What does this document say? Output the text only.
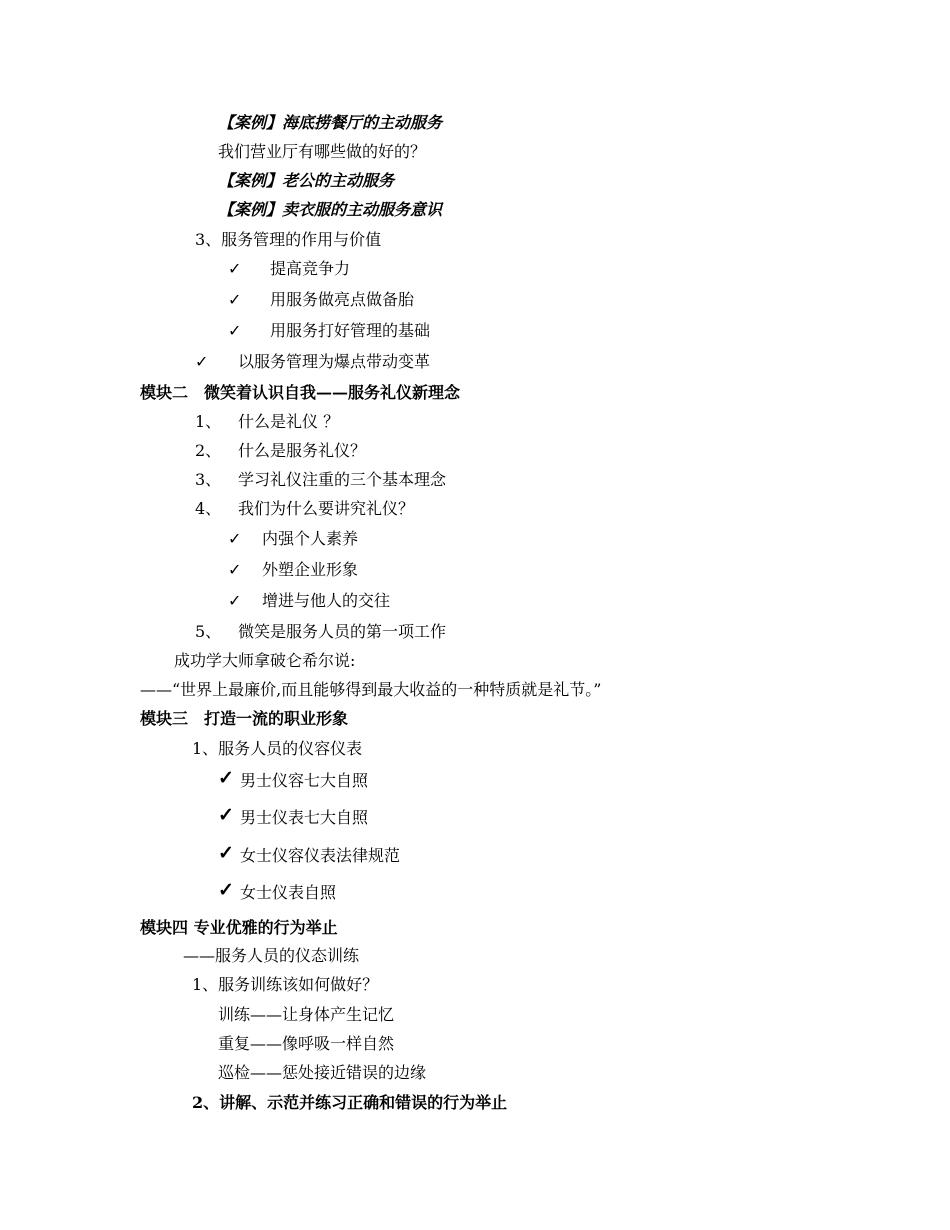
【案例】海底捞餐厅的主动服务
我们营业厅有哪些做的好的？
【案例】老公的主动服务
【案例】卖衣服的主动服务意识
3、服务管理的作用与价值
✓ 提高竞争力
✓ 用服务做亮点做备胎
✓ 用服务打好管理的基础
✓ 以服务管理为爆点带动变革
模块二　微笑着认识自我——服务礼仪新理念
1、 什么是礼仪 ？
2、 什么是服务礼仪？
3、 学习礼仪注重的三个基本理念
4、 我们为什么要讲究礼仪？
✓ 内强个人素养
✓ 外塑企业形象
✓ 增进与他人的交往
5、 微笑是服务人员的第一项工作
成功学大师拿破仑希尔说:
——“世界上最廉价,而且能够得到最大收益的一种特质就是礼节。”
模块三　打造一流的职业形象
1、服务人员的仪容仪表
✓ 男士仪容七大自照
✓ 男士仪表七大自照
✓ 女士仪容仪表法律规范
✓ 女士仪表自照
模块四 专业优雅的行为举止
——服务人员的仪态训练
1、服务训练该如何做好？
训练——让身体产生记忆
重复——像呼吸一样自然
巡检——惩处接近错误的边缘
2、讲解、示范并练习正确和错误的行为举止
